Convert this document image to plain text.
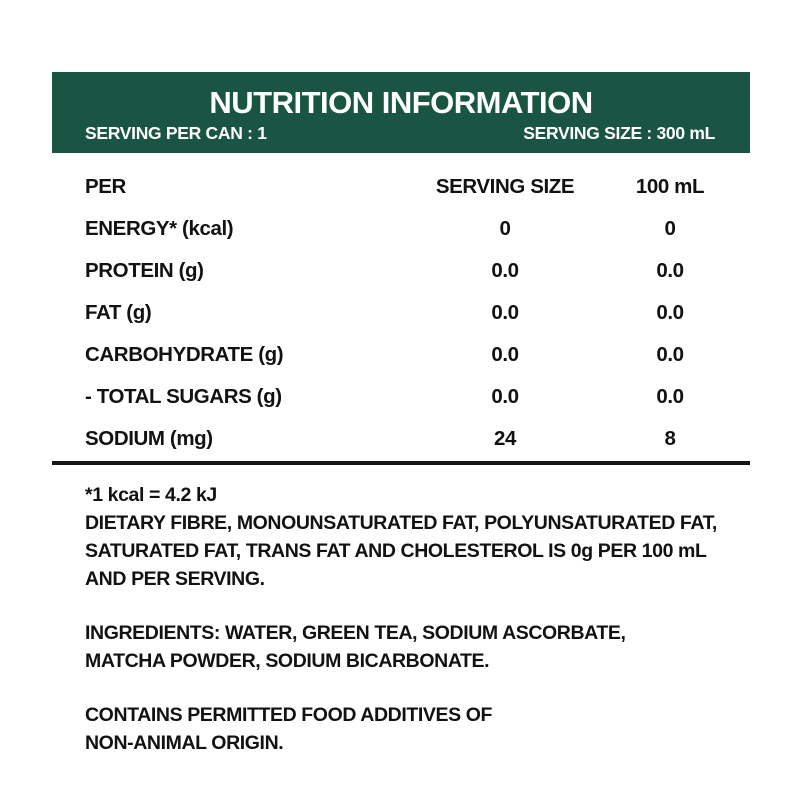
NUTRITION INFORMATION
SERVING PER CAN : 1	SERVING SIZE : 300 mL
PER	SERVING SIZE	100 mL
ENERGY* (kcal)	0	0
PROTEIN (g)	0.0	0.0
FAT (g)	0.0	0.0
CARBOHYDRATE (g)	0.0	0.0
- TOTAL SUGARS (g)	0.0	0.0
SODIUM (mg)	24	8
*1 kcal = 4.2 kJ
DIETARY FIBRE, MONOUNSATURATED FAT, POLYUNSATURATED FAT,
SATURATED FAT, TRANS FAT AND CHOLESTEROL IS 0g PER 100 mL
AND PER SERVING.
INGREDIENTS: WATER, GREEN TEA, SODIUM ASCORBATE,
MATCHA POWDER, SODIUM BICARBONATE.
CONTAINS PERMITTED FOOD ADDITIVES OF
NON-ANIMAL ORIGIN.
